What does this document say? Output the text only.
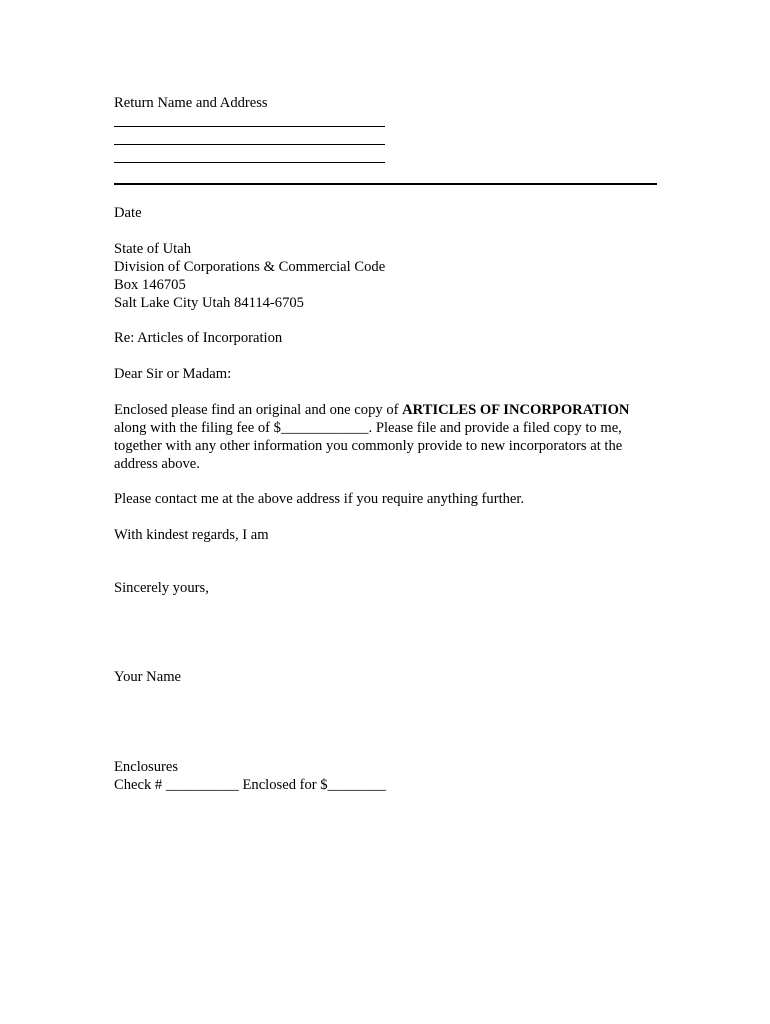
Return Name and Address
Date
State of Utah
Division of Corporations & Commercial Code
Box 146705
Salt Lake City Utah 84114-6705
Re: Articles of Incorporation
Dear Sir or Madam:
Enclosed please find an original and one copy of ARTICLES OF INCORPORATION
along with the filing fee of $____________. Please file and provide a filed copy to me,
together with any other information you commonly provide to new incorporators at the
address above.
Please contact me at the above address if you require anything further.
With kindest regards, I am
Sincerely yours,
Your Name
Enclosures
Check # __________ Enclosed for $________
